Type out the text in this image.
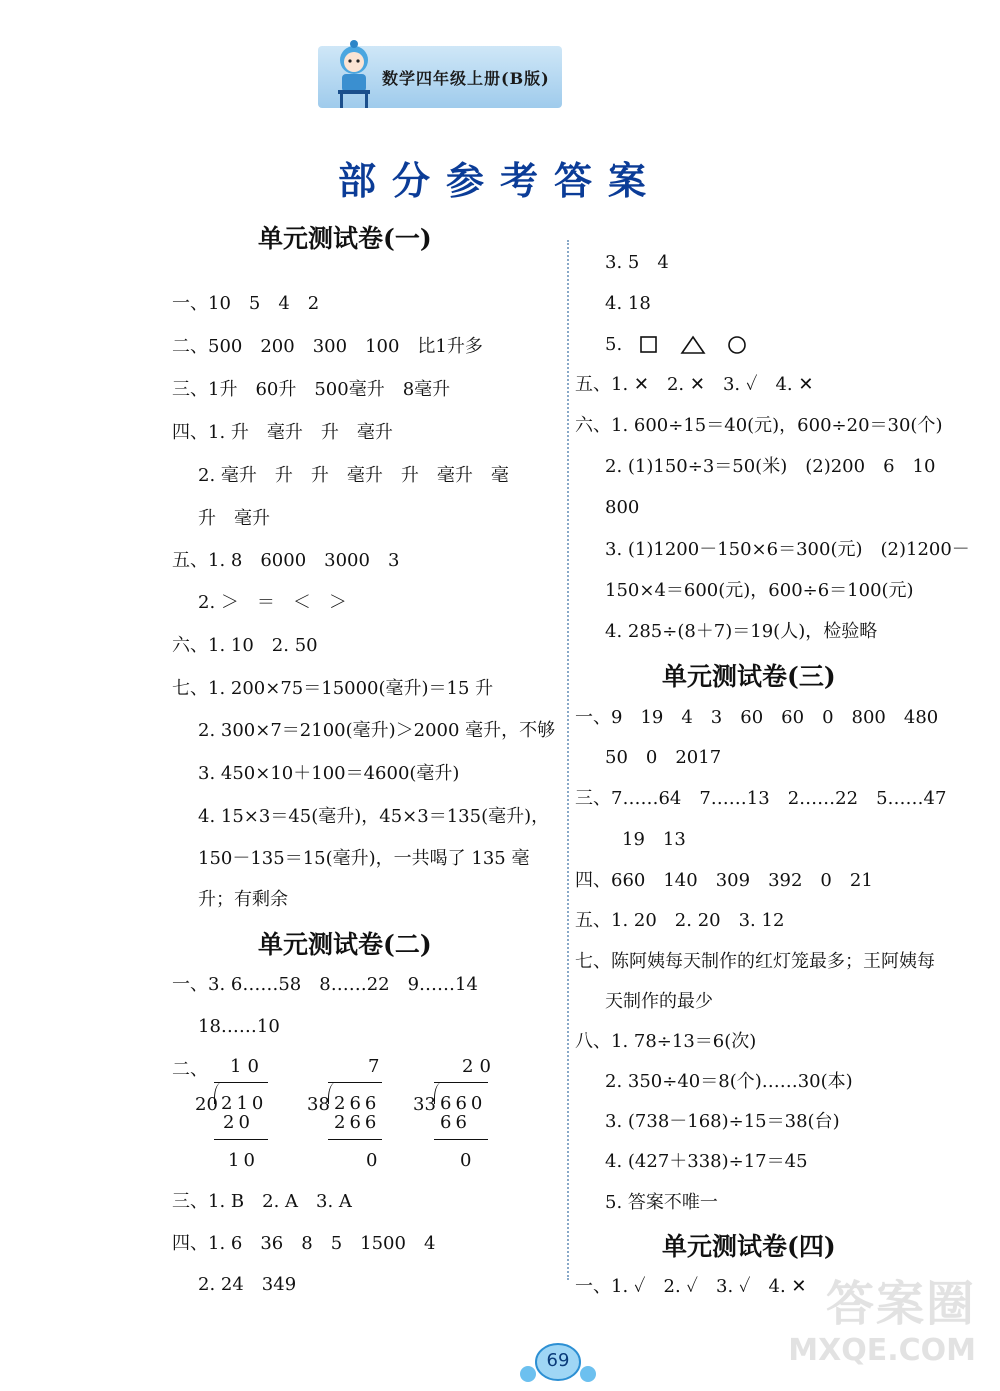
数学四年级上册(B版)
部分参考答案
单元测试卷(一)
一、10　5　4　2
二、500　200　300　100　比1升多
三、1升　60升　500毫升　8毫升
四、1. 升　毫升　升　毫升
2. 毫升　升　升　毫升　升　毫升　毫
升　毫升
五、1. 8　6000　3000　3
2. ＞　＝　＜　＞
六、1. 10　2. 50
七、1. 200×75＝15000(毫升)＝15 升
2. 300×7＝2100(毫升)＞2000 毫升，不够
3. 450×10＋100＝4600(毫升)
4. 15×3＝45(毫升)，45×3＝135(毫升)，
150－135＝15(毫升)，一共喝了 135 毫
升；有剩余
单元测试卷(二)
一、3. 6……58　8……22　9……14
18……10
二、 10
20 210
20
10
7
38 266
266
0
20
33 660
66
0
三、1. B　2. A　3. A
四、1. 6　36　8　5　1500　4
2. 24　349
3. 5　4
4. 18
5.
五、1. ✕　2. ✕　3. ✓　4. ✕
六、1. 600÷15＝40(元)，600÷20＝30(个)
2. (1)150÷3＝50(米)　(2)200　6　10
800
3. (1)1200－150×6＝300(元)　(2)1200－
150×4＝600(元)，600÷6＝100(元)
4. 285÷(8＋7)＝19(人)，检验略
单元测试卷(三)
一、9　19　4　3　60　60　0　800　480
50　0　2017
三、7……64　7……13　2……22　5……47
19　13
四、660　140　309　392　0　21
五、1. 20　2. 20　3. 12
七、陈阿姨每天制作的红灯笼最多；王阿姨每
天制作的最少
八、1. 78÷13＝6(次)
2. 350÷40＝8(个)……30(本)
3. (738－168)÷15＝38(台)
4. (427＋338)÷17＝45
5. 答案不唯一
单元测试卷(四)
一、1. ✓　2. ✓　3. ✓　4. ✕
69
答案圈
MXQE.COM
